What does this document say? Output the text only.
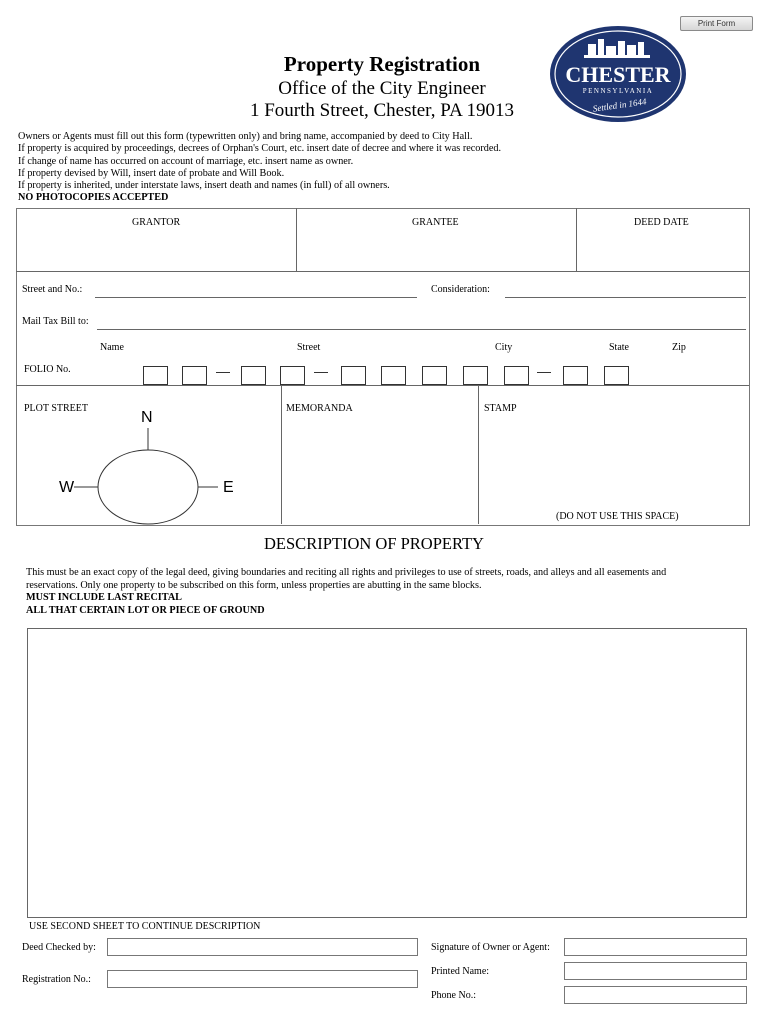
Print Form
CHESTER
PENNSYLVANIA
Settled in 1644
Property Registration
Office of the City Engineer
1 Fourth Street, Chester, PA 19013
Owners or Agents must fill out this form (typewritten only) and bring name, accompanied by deed to City Hall.
If property is acquired by proceedings, decrees of Orphan's Court, etc. insert date of decree and where it was recorded.
If change of name has occurred on account of marriage, etc. insert name as owner.
If property devised by Will, insert date of probate and Will Book.
If property is inherited, under interstate laws, insert death and names (in full) of all owners.
NO PHOTOCOPIES ACCEPTED
GRANTOR	GRANTEE	DEED DATE
Street and No.:	Consideration:
Mail Tax Bill to:
Name	Street	City	State	Zip
FOLIO No.
PLOT STREET	MEMORANDA	STAMP
(DO NOT USE THIS SPACE)
N
W	E
DESCRIPTION OF PROPERTY
This must be an exact copy of the legal deed, giving boundaries and reciting all rights and privileges to use of streets, roads, and alleys and all easements and
reservations. Only one property to be subscribed on this form, unless properties are abutting in the same blocks.
MUST INCLUDE LAST RECITAL
ALL THAT CERTAIN LOT OR PIECE OF GROUND
USE SECOND SHEET TO CONTINUE DESCRIPTION
Deed Checked by:
Registration No.:
Signature of Owner or Agent:
Printed Name:
Phone No.:
